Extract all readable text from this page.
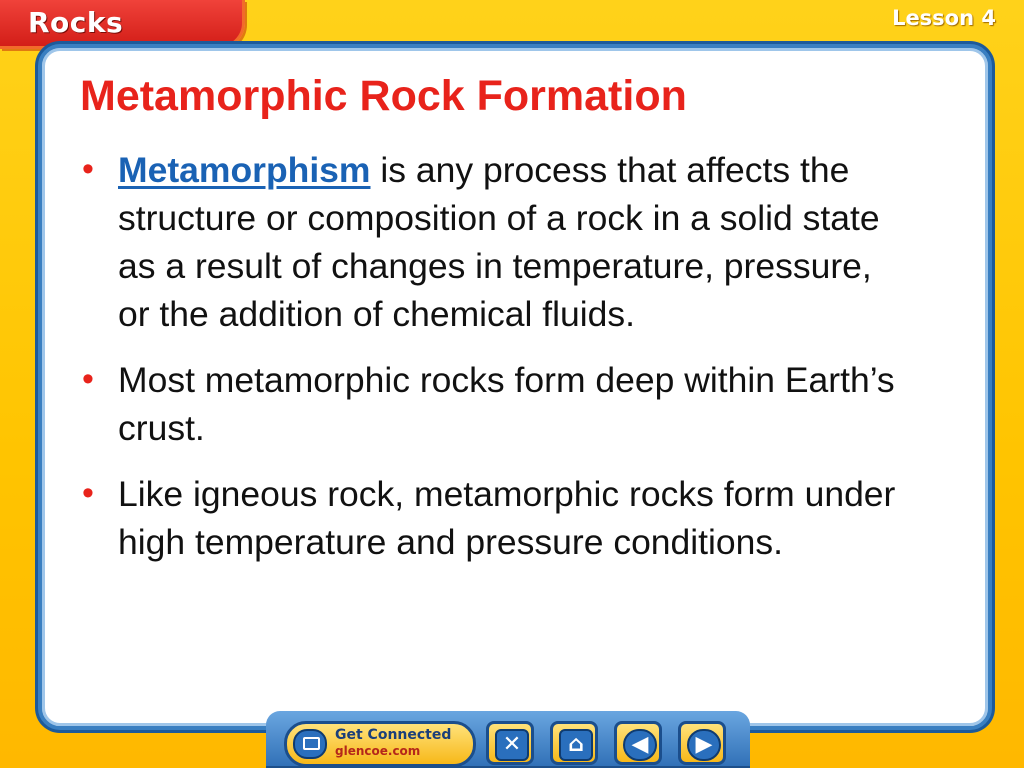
Rocks	Lesson 4
Metamorphic Rock Formation
• Metamorphism is any process that affects the structure or composition of a rock in a solid state as a result of changes in temperature, pressure, or the addition of chemical fluids.
• Most metamorphic rocks form deep within Earth’s crust.
• Like igneous rock, metamorphic rocks form under high temperature and pressure conditions.
Get Connected
glencoe.com	✕	⌂	◀	▶
